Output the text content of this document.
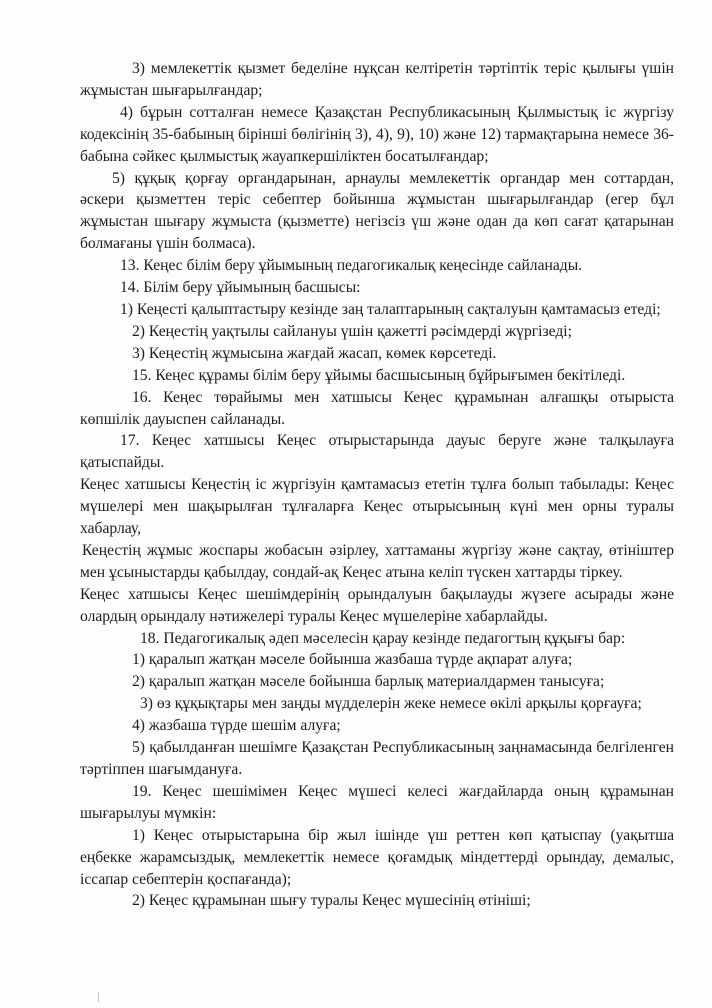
3) мемлекеттік қызмет беделіне нұқсан келтіретін тәртіптік теріс қылығы үшін жұмыстан шығарылғандар;

4) бұрын сотталған немесе Қазақстан Республикасының Қылмыстық іс жүргізу кодексінің 35-бабының бірінші бөлігінің 3), 4), 9), 10) және 12) тармақтарына немесе 36-бабына сәйкес қылмыстық жауапкершіліктен босатылғандар;

5) құқық қорғау органдарынан, арнаулы мемлекеттік органдар мен соттардан, әскери қызметтен теріс себептер бойынша жұмыстан шығарылғандар (егер бұл жұмыстан шығару жұмыста (қызметте) негізсіз үш және одан да көп сағат қатарынан болмағаны үшін болмаса).

13. Кеңес білім беру ұйымының педагогикалық кеңесінде сайланады.

14. Білім беру ұйымының басшысы:

1) Кеңесті қалыптастыру кезінде заң талаптарының сақталуын қамтамасыз етеді;

2) Кеңестің уақтылы сайлануы үшін қажетті рәсімдерді жүргізеді;

3) Кеңестің жұмысына жағдай жасап, көмек көрсетеді.

15. Кеңес құрамы білім беру ұйымы басшысының бұйрығымен бекітіледі.

16. Кеңес төрайымы мен хатшысы Кеңес құрамынан алғашқы отырыста көпшілік дауыспен сайланады.

17. Кеңес хатшысы Кеңес отырыстарында дауыс беруге және талқылауға қатыспайды.

Кеңес хатшысы Кеңестің іс жүргізуін қамтамасыз ететін тұлға болып табылады: Кеңес мүшелері мен шақырылған тұлғаларға Кеңес отырысының күні мен орны туралы хабарлау,

Кеңестің жұмыс жоспары жобасын әзірлеу, хаттаманы жүргізу және сақтау, өтініштер мен ұсыныстарды қабылдау, сондай-ақ Кеңес атына келіп түскен хаттарды тіркеу.

Кеңес хатшысы Кеңес шешімдерінің орындалуын бақылауды жүзеге асырады және олардың орындалу нәтижелері туралы Кеңес мүшелеріне хабарлайды.

18. Педагогикалық әдеп мәселесін қарау кезінде педагогтың құқығы бар:

1) қаралып жатқан мәселе бойынша жазбаша түрде ақпарат алуға;

2) қаралып жатқан мәселе бойынша барлық материалдармен танысуға;

3) өз құқықтары мен заңды мүдделерін жеке немесе өкілі арқылы қорғауға;

4) жазбаша түрде шешім алуға;

5) қабылданған шешімге Қазақстан Республикасының заңнамасында белгіленген тәртіппен шағымдануға.

19. Кеңес шешімімен Кеңес мүшесі келесі жағдайларда оның құрамынан шығарылуы мүмкін:

1) Кеңес отырыстарына бір жыл ішінде үш реттен көп қатыспау (уақытша еңбекке жарамсыздық, мемлекеттік немесе қоғамдық міндеттерді орындау, демалыс, іссапар себептерін қоспағанда);

2) Кеңес құрамынан шығу туралы Кеңес мүшесінің өтініші;
